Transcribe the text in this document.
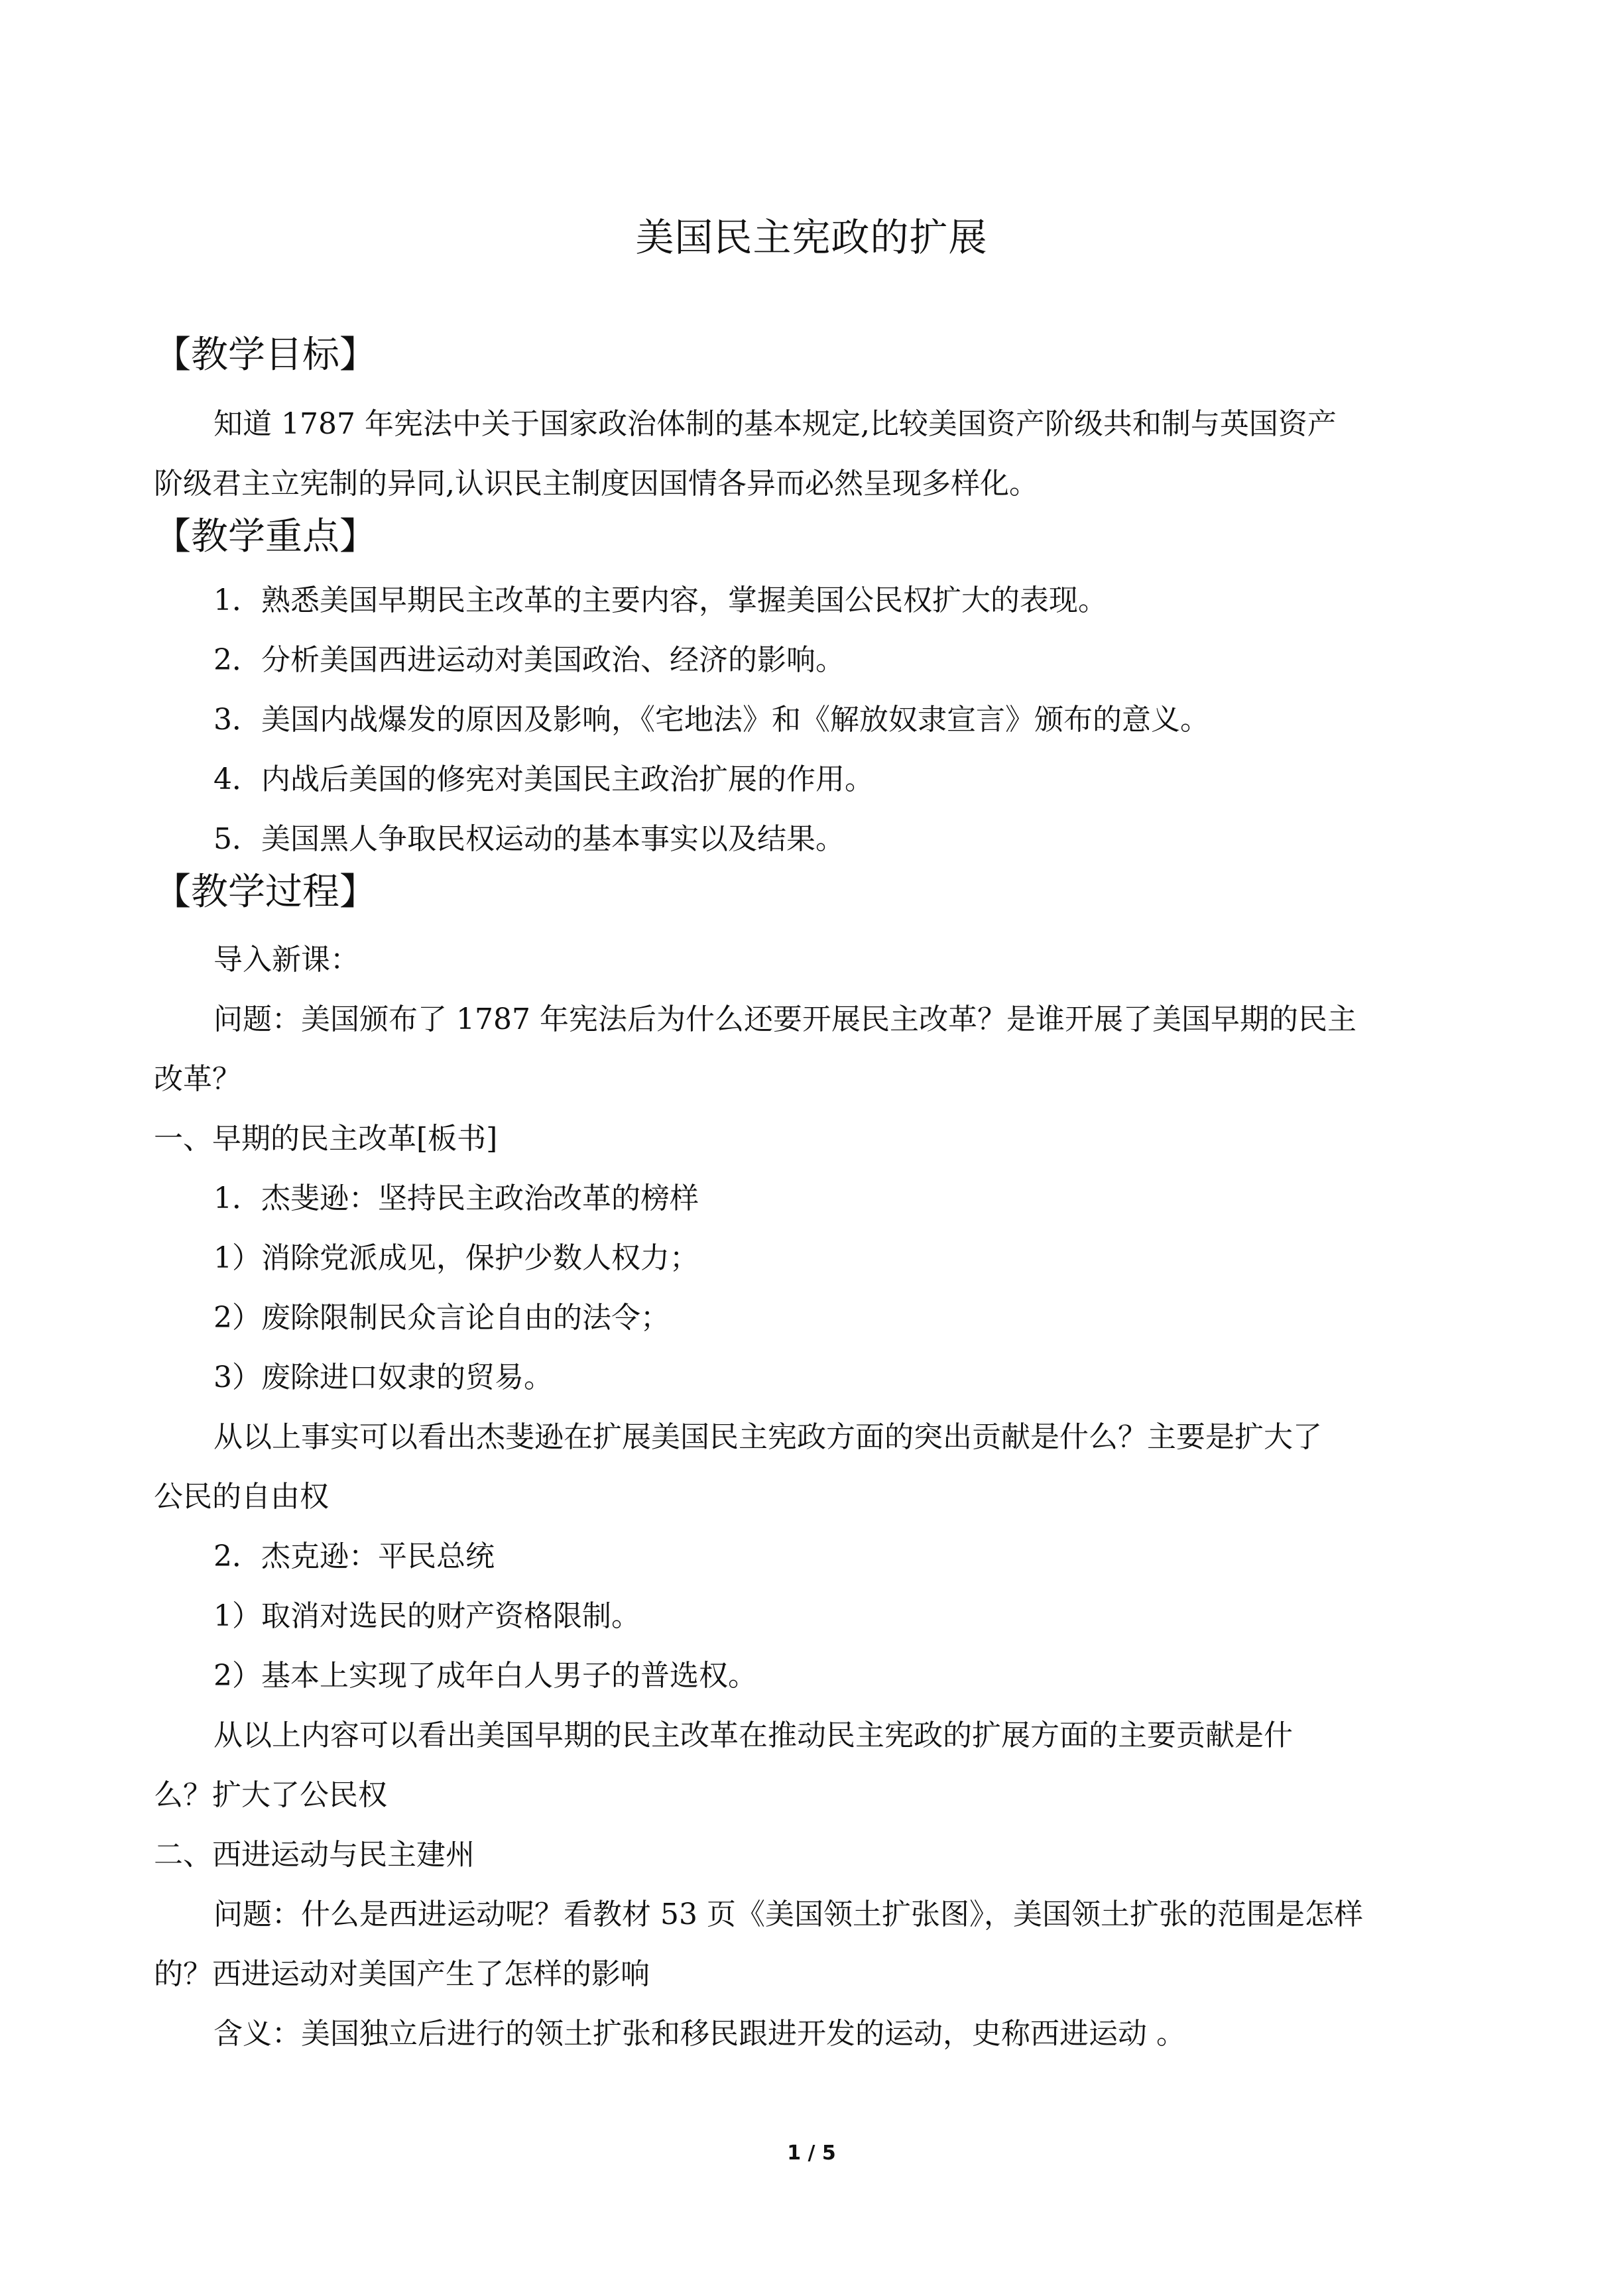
美国民主宪政的扩展
【教学目标】
知道 1787 年宪法中关于国家政治体制的基本规定,比较美国资产阶级共和制与英国资产
阶级君主立宪制的异同,认识民主制度因国情各异而必然呈现多样化。
【教学重点】
1．熟悉美国早期民主改革的主要内容，掌握美国公民权扩大的表现。
2．分析美国西进运动对美国政治、经济的影响。
3．美国内战爆发的原因及影响，《宅地法》和《解放奴隶宣言》颁布的意义。
4．内战后美国的修宪对美国民主政治扩展的作用。
5．美国黑人争取民权运动的基本事实以及结果。
【教学过程】
导入新课：
问题：美国颁布了 1787 年宪法后为什么还要开展民主改革？是谁开展了美国早期的民主
改革？
一、早期的民主改革[板书]
1．杰斐逊：坚持民主政治改革的榜样
1）消除党派成见，保护少数人权力；
2）废除限制民众言论自由的法令；
3）废除进口奴隶的贸易。
从以上事实可以看出杰斐逊在扩展美国民主宪政方面的突出贡献是什么？主要是扩大了
公民的自由权
2．杰克逊：平民总统
1）取消对选民的财产资格限制。
2）基本上实现了成年白人男子的普选权。
从以上内容可以看出美国早期的民主改革在推动民主宪政的扩展方面的主要贡献是什
么？扩大了公民权
二、西进运动与民主建州
问题：什么是西进运动呢？看教材 53 页《美国领土扩张图》，美国领土扩张的范围是怎样
的？西进运动对美国产生了怎样的影响
含义：美国独立后进行的领土扩张和移民跟进开发的运动，史称西进运动 。
1 / 5
